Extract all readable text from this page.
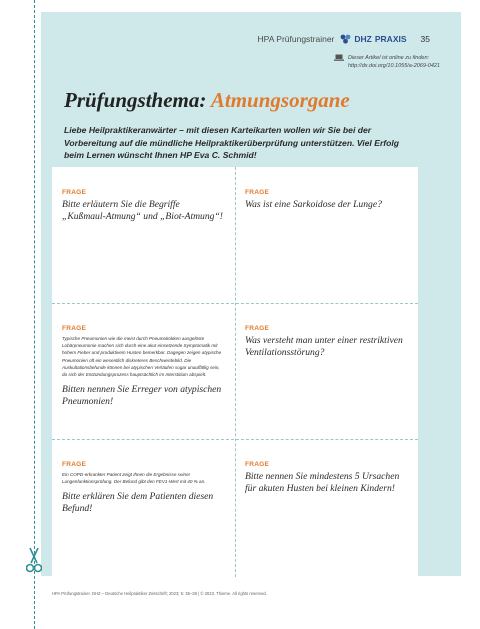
HPA Prüfungstrainer DHZ PRAXIS 35
Dieser Artikel ist online zu finden:
http://dx.doi.org/10.1055/a-2069-0421
Prüfungsthema: Atmungsorgane
Liebe Heilpraktikeranwärter – mit diesen Karteikarten wollen wir Sie bei der Vorbereitung auf die mündliche Heilpraktikerüberprüfung unterstützen. Viel Erfolg beim Lernen wünscht Ihnen HP Eva C. Schmid!
FRAGE
Bitte erläutern Sie die Begriffe „Kußmaul-Atmung“ und „Biot-Atmung“!
FRAGE
Was ist eine Sarkoidose der Lunge?
FRAGE
Typische Pneumonien wie die meist durch Pneumokokken ausgelöste Lobärpneumonie machen sich durch eine akut einsetzende Symptomatik mit hohem Fieber und produktivem Husten bemerkbar. Dagegen zeigen atypische Pneumonien oft ein wesentlich diskreteres Beschwerdebild. Die Auskultationsbefunde können bei atypischen Verläufen sogar unauffällig sein, da sich der Entzündungsprozess hauptsächlich im Interstitium abspielt.
Bitten nennen Sie Erreger von atypischen Pneumonien!
FRAGE
Was versteht man unter einer restriktiven Ventilationsstörung?
FRAGE
Ein COPD-erkrankter Patient zeigt Ihnen die Ergebnisse seiner Lungenfunktionsprüfung. Der Befund gibt den FEV1-Wert mit 40 % an.
Bitte erklären Sie dem Patienten diesen Befund!
FRAGE
Bitte nennen Sie mindestens 5 Ursachen für akuten Husten bei kleinen Kindern!
HPA Prüfungstrainer. DHZ – Deutsche Heilpraktiker Zeitschrift; 2023; 5: 35–38 | © 2023. Thieme. All rights reserved.
